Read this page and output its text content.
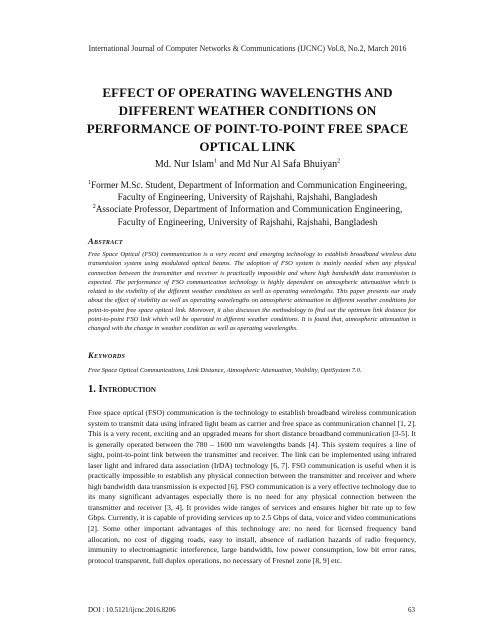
International Journal of Computer Networks & Communications (IJCNC) Vol.8, No.2, March 2016
EFFECT OF OPERATING WAVELENGTHS AND
DIFFERENT WEATHER CONDITIONS ON
PERFORMANCE OF POINT-TO-POINT FREE SPACE
OPTICAL LINK
Md. Nur Islam$^1$ and Md Nur Al Safa Bhuiyan$^2$
$^1$Former M.Sc. Student, Department of Information and Communication Engineering,
Faculty of Engineering, University of Rajshahi, Rajshahi, Bangladesh
$^2$Associate Professor, Department of Information and Communication Engineering,
Faculty of Engineering, University of Rajshahi, Rajshahi, Bangladesh
Abstract
Free Space Optical (FSO) communication is a very recent and emerging technology to establish broadband wireless data transmission system using modulated optical beams. The adoption of FSO system is mainly needed when any physical connection between the transmitter and receiver is practically impossible and where high bandwidth data transmission is expected. The performance of FSO communication technology is highly dependent on atmospheric attenuation which is related to the visibility of the different weather conditions as well as operating wavelengths. This paper presents our study about the effect of visibility as well as operating wavelengths on atmospheric attenuation in different weather conditions for point-to-point free space optical link. Moreover, it also discusses the methodology to find out the optimum link distance for point-to-point FSO link which will be operated in different weather conditions. It is found that, atmospheric attenuation is changed with the change in weather condition as well as operating wavelengths.
Keywords
Free Space Optical Communications, Link Distance, Atmospheric Attenuation, Visibility, OptiSystem 7.0.
1. Introduction
Free space optical (FSO) communication is the technology to establish broadband wireless communication system to transmit data using infrared light beam as carrier and free space as communication channel [1, 2]. This is a very recent, exciting and an upgraded means for short distance broadband communication [3-5]. It is generally operated between the 780 – 1600 nm wavelengths bands [4]. This system requires a line of sight, point-to-point link between the transmitter and receiver. The link can be implemented using infrared laser light and infrared data association (IrDA) technology [6, 7]. FSO communication is useful when it is practically impossible to establish any physical connection between the transmitter and receiver and where high bandwidth data transmission is expected [6]. FSO communication is a very effective technology due to its many significant advantages especially there is no need for any physical connection between the transmitter and receiver [3, 4]. It provides wide ranges of services and ensures higher bit rate up to few Gbps. Currently, it is capable of providing services up to 2.5 Gbps of data, voice and video communications [2]. Some other important advantages of this technology are: no need for licensed frequency band allocation, no cost of digging roads, easy to install, absence of radiation hazards of radio frequency, immunity to electromagnetic interference, large bandwidth, low power consumption, low bit error rates, protocol transparent, full duplex operations, no necessary of Fresnel zone [8, 9] etc.
DOI : 10.5121/ijcnc.2016.8206	63
